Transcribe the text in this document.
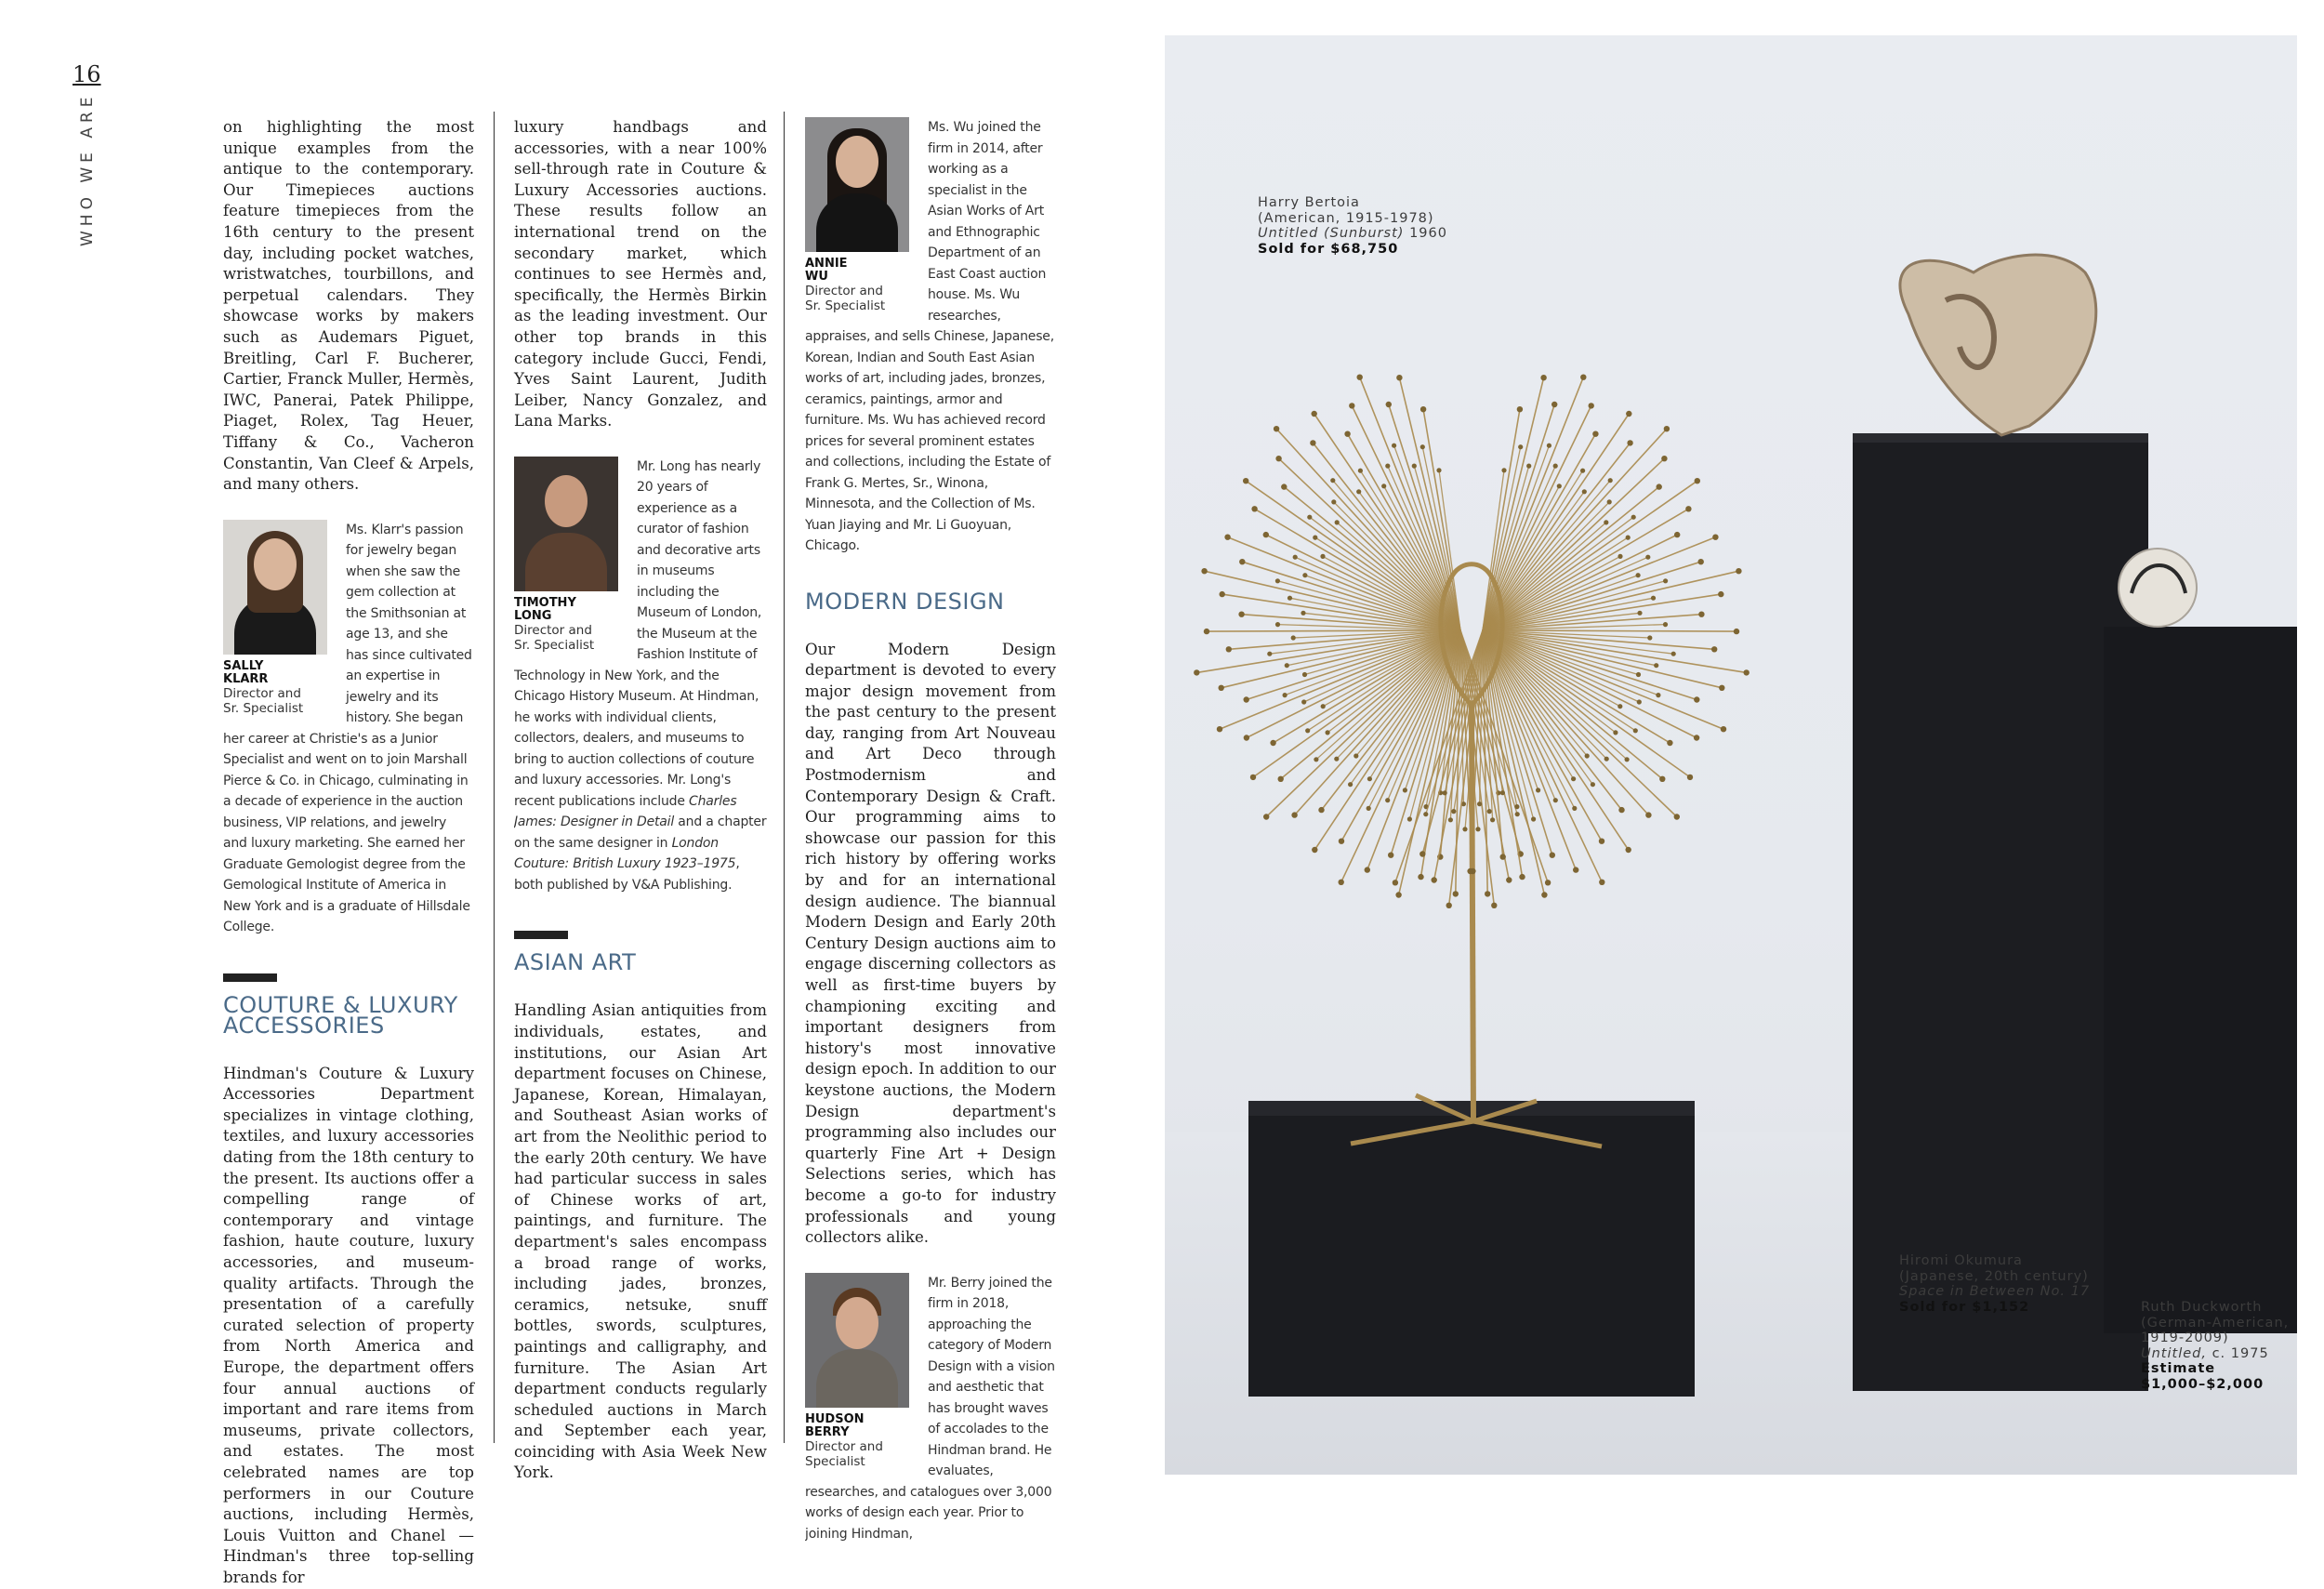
16
WHO WE ARE	on highlighting the most unique examples from the antique to the contemporary. Our Timepieces auctions feature timepieces from the 16th century to the present day, including pocket watches, wristwatches, tourbillons, and perpetual calendars. They showcase works by makers such as Audemars Piguet, Breitling, Carl F. Bucherer, Cartier, Franck Muller, Hermès, IWC, Panerai, Patek Philippe, Piaget, Rolex, Tag Heuer, Tiffany & Co., Vacheron Constantin, Van Cleef & Arpels, and many others.

SALLY
KLARR
Director and
Sr. Specialist
Ms. Klarr's passion for jewelry began when she saw the gem collection at the Smithsonian at age 13, and she has since cultivated an expertise in jewelry and its history. She began her career at Christie's as a Junior Specialist and went on to join Marshall Pierce & Co. in Chicago, culminating in a decade of experience in the auction business, VIP relations, and jewelry and luxury marketing. She earned her Graduate Gemologist degree from the Gemological Institute of America in New York and is a graduate of Hillsdale College.
COUTURE & LUXURY
ACCESSORIES

Hindman's Couture & Luxury Accessories Department specializes in vintage clothing, textiles, and luxury accessories dating from the 18th century to the present. Its auctions offer a compelling range of contemporary and vintage fashion, haute couture, luxury accessories, and museum-quality artifacts. Through the presentation of a carefully curated selection of property from North America and Europe, the department offers four annual auctions of important and rare items from museums, private collectors, and estates. The most celebrated names are top performers in our Couture auctions, including Hermès, Louis Vuitton and Chanel — Hindman's three top-selling brands for

luxury handbags and accessories, with a near 100% sell-through rate in Couture & Luxury Accessories auctions. These results follow an international trend on the secondary market, which continues to see Hermès and, specifically, the Hermès Birkin as the leading investment. Our other top brands in this category include Gucci, Fendi, Yves Saint Laurent, Judith Leiber, Nancy Gonzalez, and Lana Marks.

TIMOTHY
LONG
Director and
Sr. Specialist
Mr. Long has nearly 20 years of experience as a curator of fashion and decorative arts in museums including the Museum of London, the Museum at the Fashion Institute of Technology in New York, and the Chicago History Museum. At Hindman, he works with individual clients, collectors, dealers, and museums to bring to auction collections of couture and luxury accessories. Mr. Long's recent publications include Charles James: Designer in Detail and a chapter on the same designer in London Couture: British Luxury 1923–1975, both published by V&A Publishing.
ASIAN ART

Handling Asian antiquities from individuals, estates, and institutions, our Asian Art department focuses on Chinese, Japanese, Korean, Himalayan, and Southeast Asian works of art from the Neolithic period to the early 20th century. We have had particular success in sales of Chinese works of art, paintings, and furniture. The department's sales encompass a broad range of works, including jades, bronzes, ceramics, netsuke, snuff bottles, swords, sculptures, paintings and calligraphy, and furniture. The Asian Art department conducts regularly scheduled auctions in March and September each year, coinciding with Asia Week New York.

ANNIE
WU
Director and
Sr. Specialist
Ms. Wu joined the firm in 2014, after working as a specialist in the Asian Works of Art and Ethnographic Department of an East Coast auction house. Ms. Wu researches, appraises, and sells Chinese, Japanese, Korean, Indian and South East Asian works of art, including jades, bronzes, ceramics, paintings, armor and furniture. Ms. Wu has achieved record prices for several prominent estates and collections, including the Estate of Frank G. Mertes, Sr., Winona, Minnesota, and the Collection of Ms. Yuan Jiaying and Mr. Li Guoyuan, Chicago.
MODERN DESIGN

Our Modern Design department is devoted to every major design movement from the past century to the present day, ranging from Art Nouveau and Art Deco through Postmodernism and Contemporary Design & Craft. Our programming aims to showcase our passion for this rich history by offering works by and for an international design audience. The biannual Modern Design and Early 20th Century Design auctions aim to engage discerning collectors as well as first-time buyers by championing exciting and important designers from history's most innovative design epoch. In addition to our keystone auctions, the Modern Design department's programming also includes our quarterly Fine Art + Design Selections series, which has become a go-to for industry professionals and young collectors alike.

HUDSON
BERRY
Director and
Specialist
Mr. Berry joined the firm in 2018, approaching the category of Modern Design with a vision and aesthetic that has brought waves of accolades to the Hindman brand. He evaluates, researches, and catalogues over 3,000 works of design each year. Prior to joining Hindman,
Harry Bertoia
(American, 1915-1978)
Untitled (Sunburst) 1960
Sold for $68,750
Hiromi Okumura
(Japanese, 20th century)
Space in Between No. 17
Sold for $1,152	Ruth Duckworth
(German-American,
1919-2009)
Untitled, c. 1975
Estimate
$1,000–$2,000
